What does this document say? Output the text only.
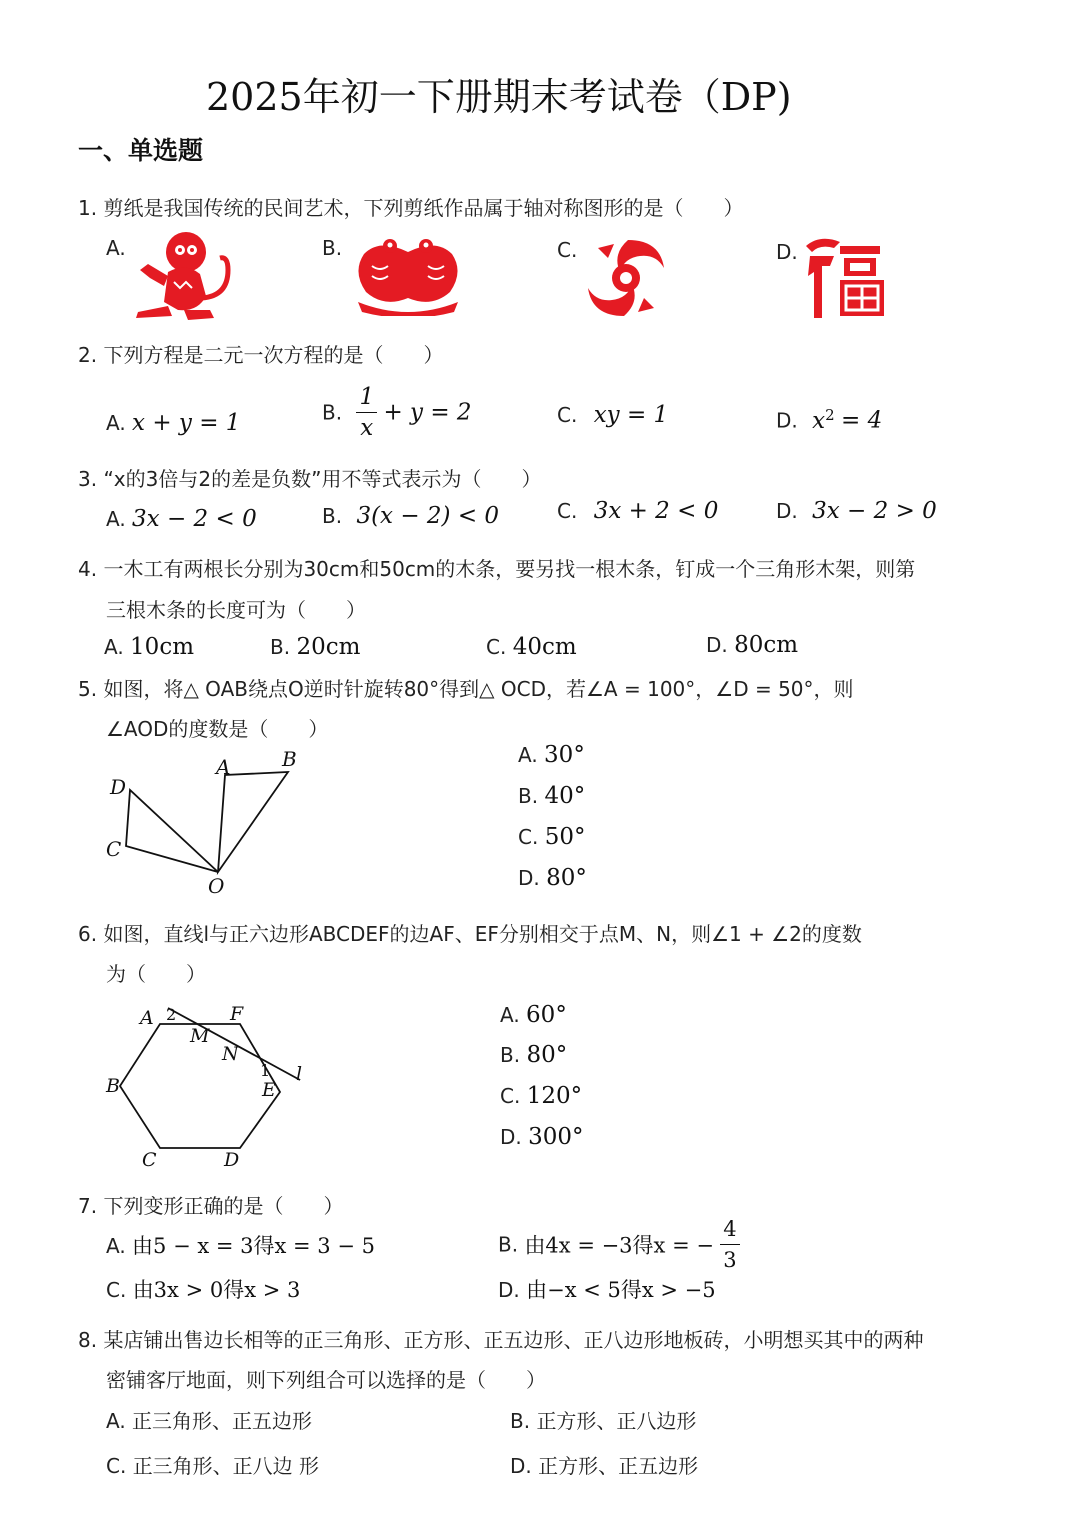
2025年初一下册期末考试卷（DP)
一、单选题
1. 剪纸是我国传统的民间艺术，下列剪纸作品属于轴对称图形的是（　　）
A.	B.	C.	D.
2. 下列方程是二元一次方程的是（　　）
A. x + y = 1	B. $\frac{1}{x} + y = 2$	C. xy = 1	D. $x^2 = 4$
3. “x的3倍与2的差是负数”用不等式表示为（　　）
A. 3x − 2 < 0	B. 3(x − 2) < 0	C. 3x + 2 < 0	D. 3x − 2 > 0
4. 一木工有两根长分别为30cm和50cm的木条，要另找一根木条，钉成一个三角形木架，则第
三根木条的长度可为（　　）
A. 10cm	B. 20cm	C. 40cm	D. 80cm
5. 如图，将△ OAB绕点O逆时针旋转80°得到△ OCD，若∠A = 100°，∠D = 50°，则
∠AOD的度数是（　　）
A	B
C
D
O
A. 30°
B. 40°
C. 50°
D. 80°
6. 如图，直线l与正六边形ABCDEF的边AF、EF分别相交于点M、N，则∠1 + ∠2的度数
为（　　）
A	F
M
N
B	E
C	D
l
2
1
A. 60°
B. 80°
C. 120°
D. 300°
7. 下列变形正确的是（　　）
A. 由5 − x = 3得x = 3 − 5	B. 由4x = −3得x = − $\frac{4}{3}$
C. 由3x > 0得x > 3	D. 由−x < 5得x > −5
8. 某店铺出售边长相等的正三角形、正方形、正五边形、正八边形地板砖，小明想买其中的两种
密铺客厅地面，则下列组合可以选择的是（　　）
A. 正三角形、正五边形	B. 正方形、正八边形
C. 正三角形、正八边 形	D. 正方形、正五边形
